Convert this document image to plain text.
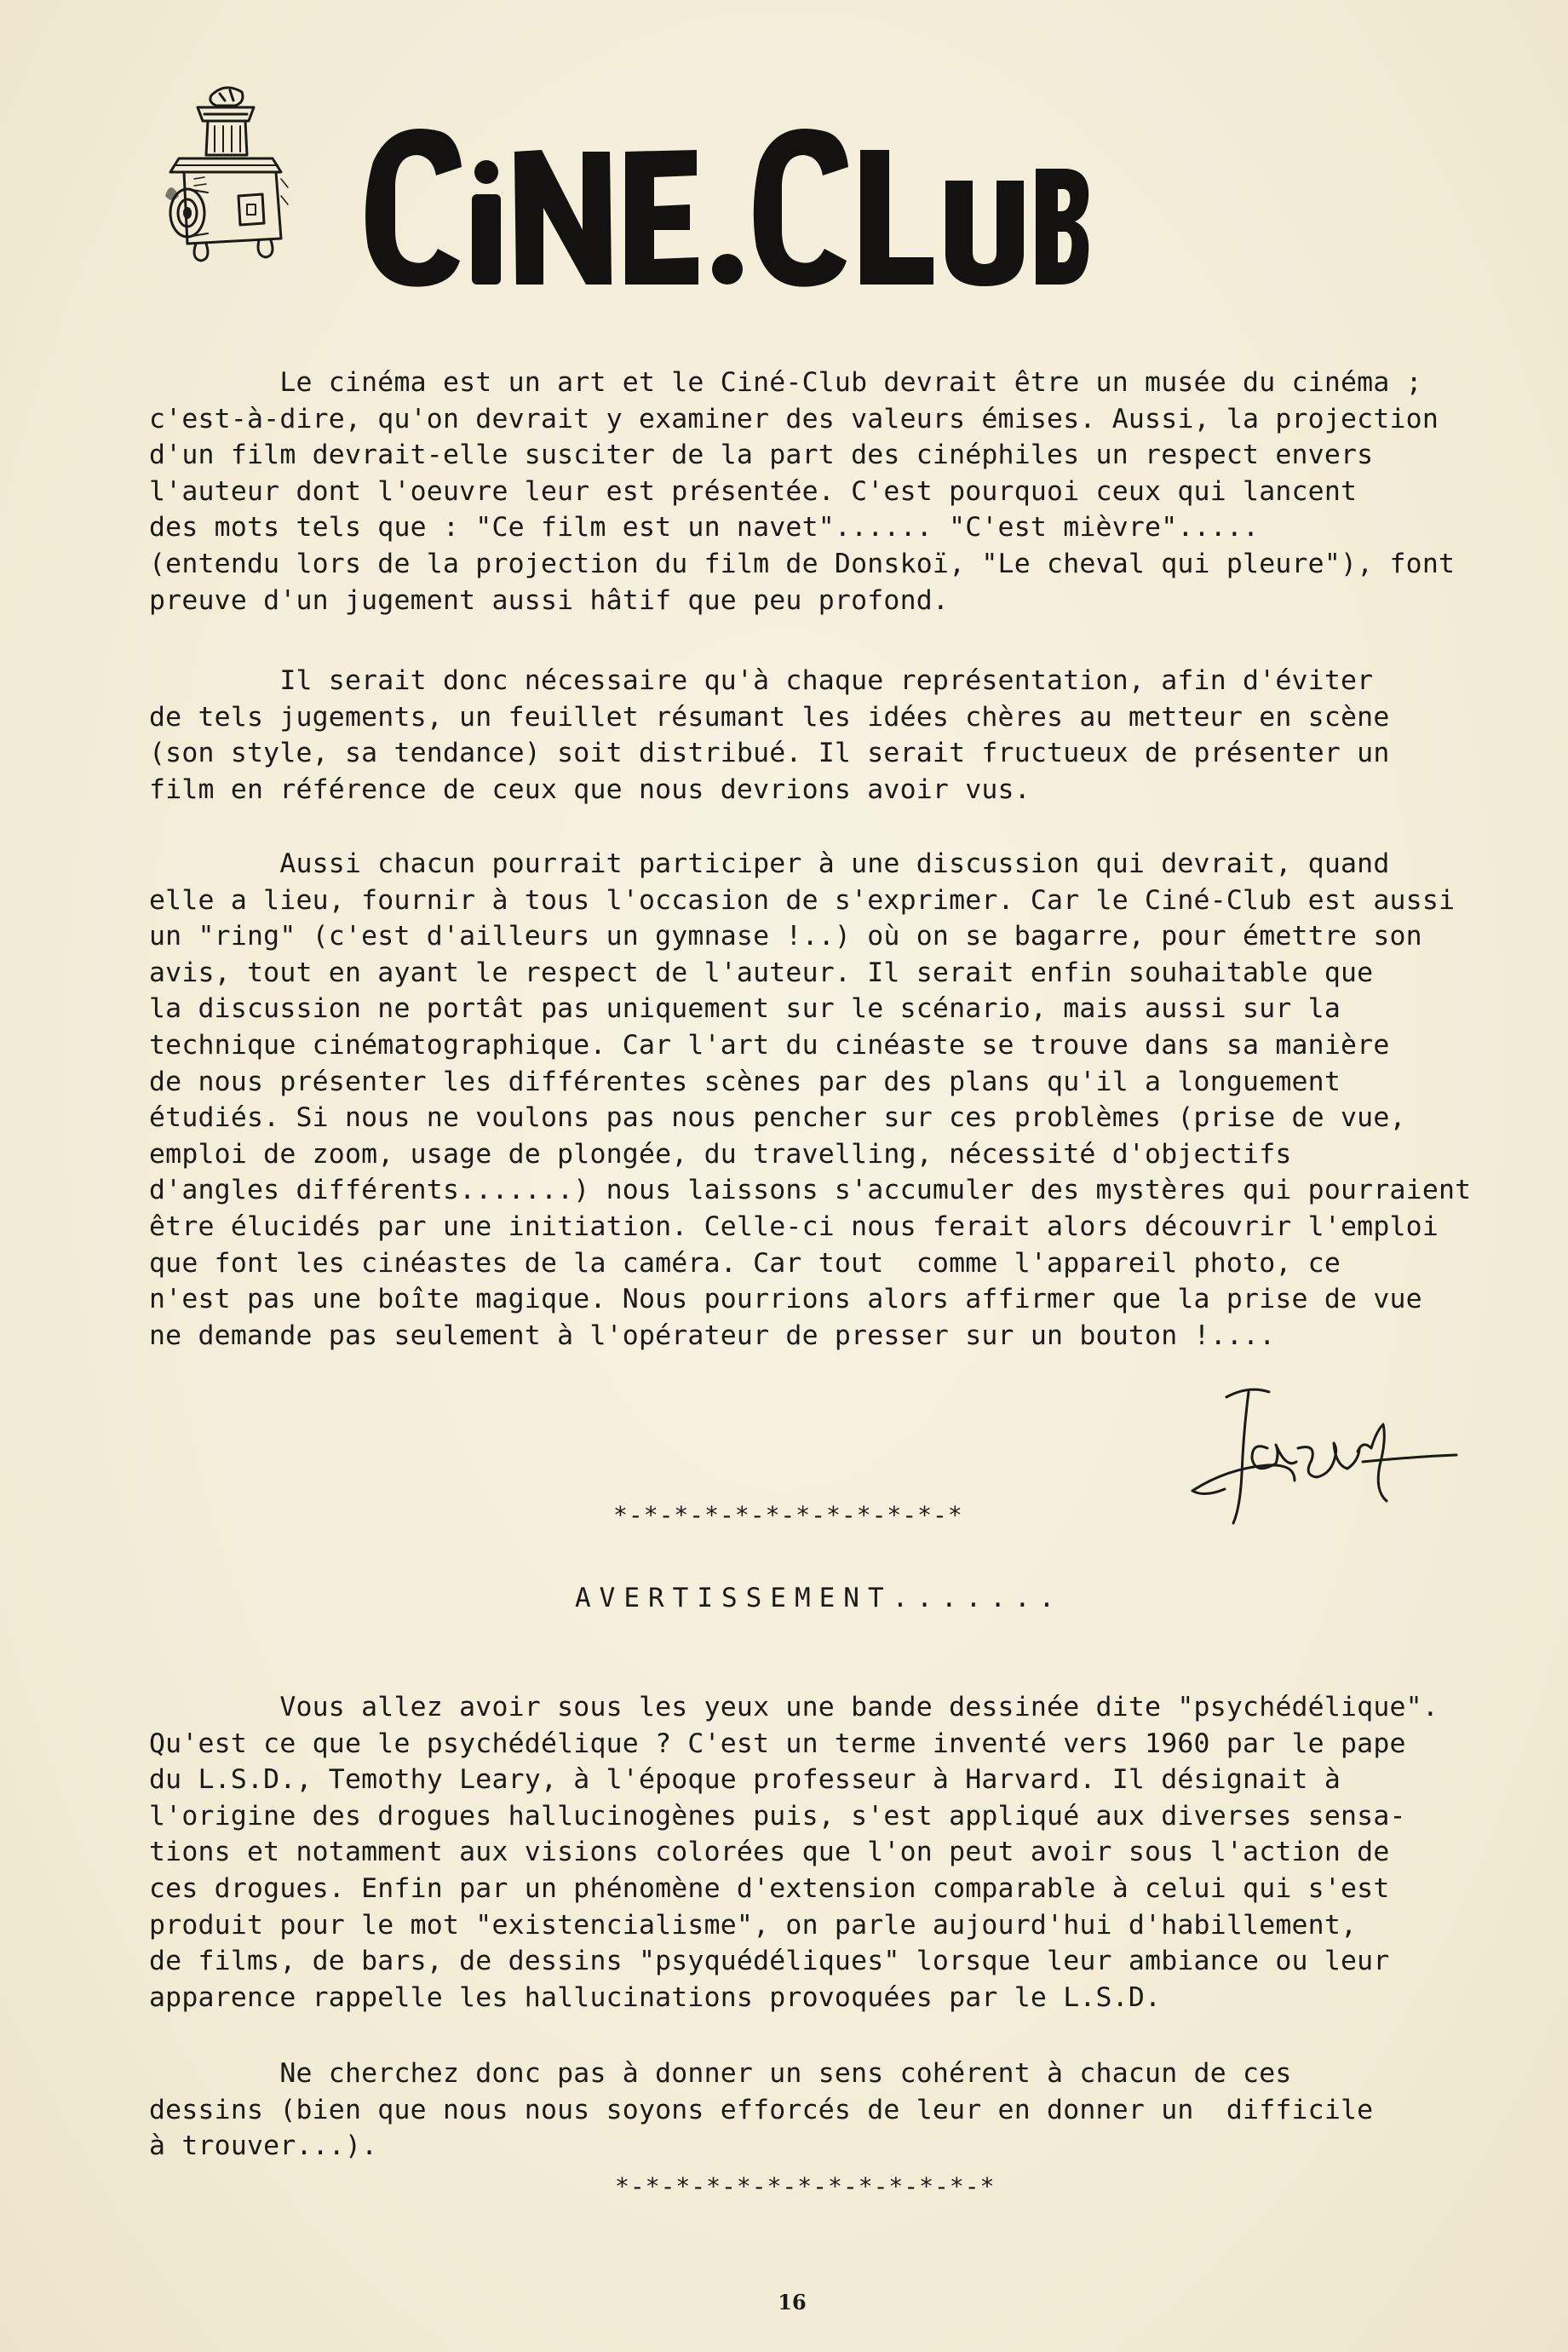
Le cinéma est un art et le Ciné-Club devrait être un musée du cinéma ;
c'est-à-dire, qu'on devrait y examiner des valeurs émises. Aussi, la projection
d'un film devrait-elle susciter de la part des cinéphiles un respect envers
l'auteur dont l'oeuvre leur est présentée. C'est pourquoi ceux qui lancent
des mots tels que : "Ce film est un navet"...... "C'est mièvre".....
(entendu lors de la projection du film de Donskoï, "Le cheval qui pleure"), font
preuve d'un jugement aussi hâtif que peu profond.
Il serait donc nécessaire qu'à chaque représentation, afin d'éviter
de tels jugements, un feuillet résumant les idées chères au metteur en scène
(son style, sa tendance) soit distribué. Il serait fructueux de présenter un
film en référence de ceux que nous devrions avoir vus.
Aussi chacun pourrait participer à une discussion qui devrait, quand
elle a lieu, fournir à tous l'occasion de s'exprimer. Car le Ciné-Club est aussi
un "ring" (c'est d'ailleurs un gymnase !..) où on se bagarre, pour émettre son
avis, tout en ayant le respect de l'auteur. Il serait enfin souhaitable que
la discussion ne portât pas uniquement sur le scénario, mais aussi sur la
technique cinématographique. Car l'art du cinéaste se trouve dans sa manière
de nous présenter les différentes scènes par des plans qu'il a longuement
étudiés. Si nous ne voulons pas nous pencher sur ces problèmes (prise de vue,
emploi de zoom, usage de plongée, du travelling, nécessité d'objectifs
d'angles différents.......) nous laissons s'accumuler des mystères qui pourraient
être élucidés par une initiation. Celle-ci nous ferait alors découvrir l'emploi
que font les cinéastes de la caméra. Car tout  comme l'appareil photo, ce
n'est pas une boîte magique. Nous pourrions alors affirmer que la prise de vue
ne demande pas seulement à l'opérateur de presser sur un bouton !....
*-*-*-*-*-*-*-*-*-*-*-*
AVERTISSEMENT.......
Vous allez avoir sous les yeux une bande dessinée dite "psychédélique".
Qu'est ce que le psychédélique ? C'est un terme inventé vers 1960 par le pape
du L.S.D., Temothy Leary, à l'époque professeur à Harvard. Il désignait à
l'origine des drogues hallucinogènes puis, s'est appliqué aux diverses sensa-
tions et notamment aux visions colorées que l'on peut avoir sous l'action de
ces drogues. Enfin par un phénomène d'extension comparable à celui qui s'est
produit pour le mot "existencialisme", on parle aujourd'hui d'habillement,
de films, de bars, de dessins "psyquédéliques" lorsque leur ambiance ou leur
apparence rappelle les hallucinations provoquées par le L.S.D.
Ne cherchez donc pas à donner un sens cohérent à chacun de ces
dessins (bien que nous nous soyons efforcés de leur en donner un  difficile
à trouver...).
*-*-*-*-*-*-*-*-*-*-*-*-*
16
